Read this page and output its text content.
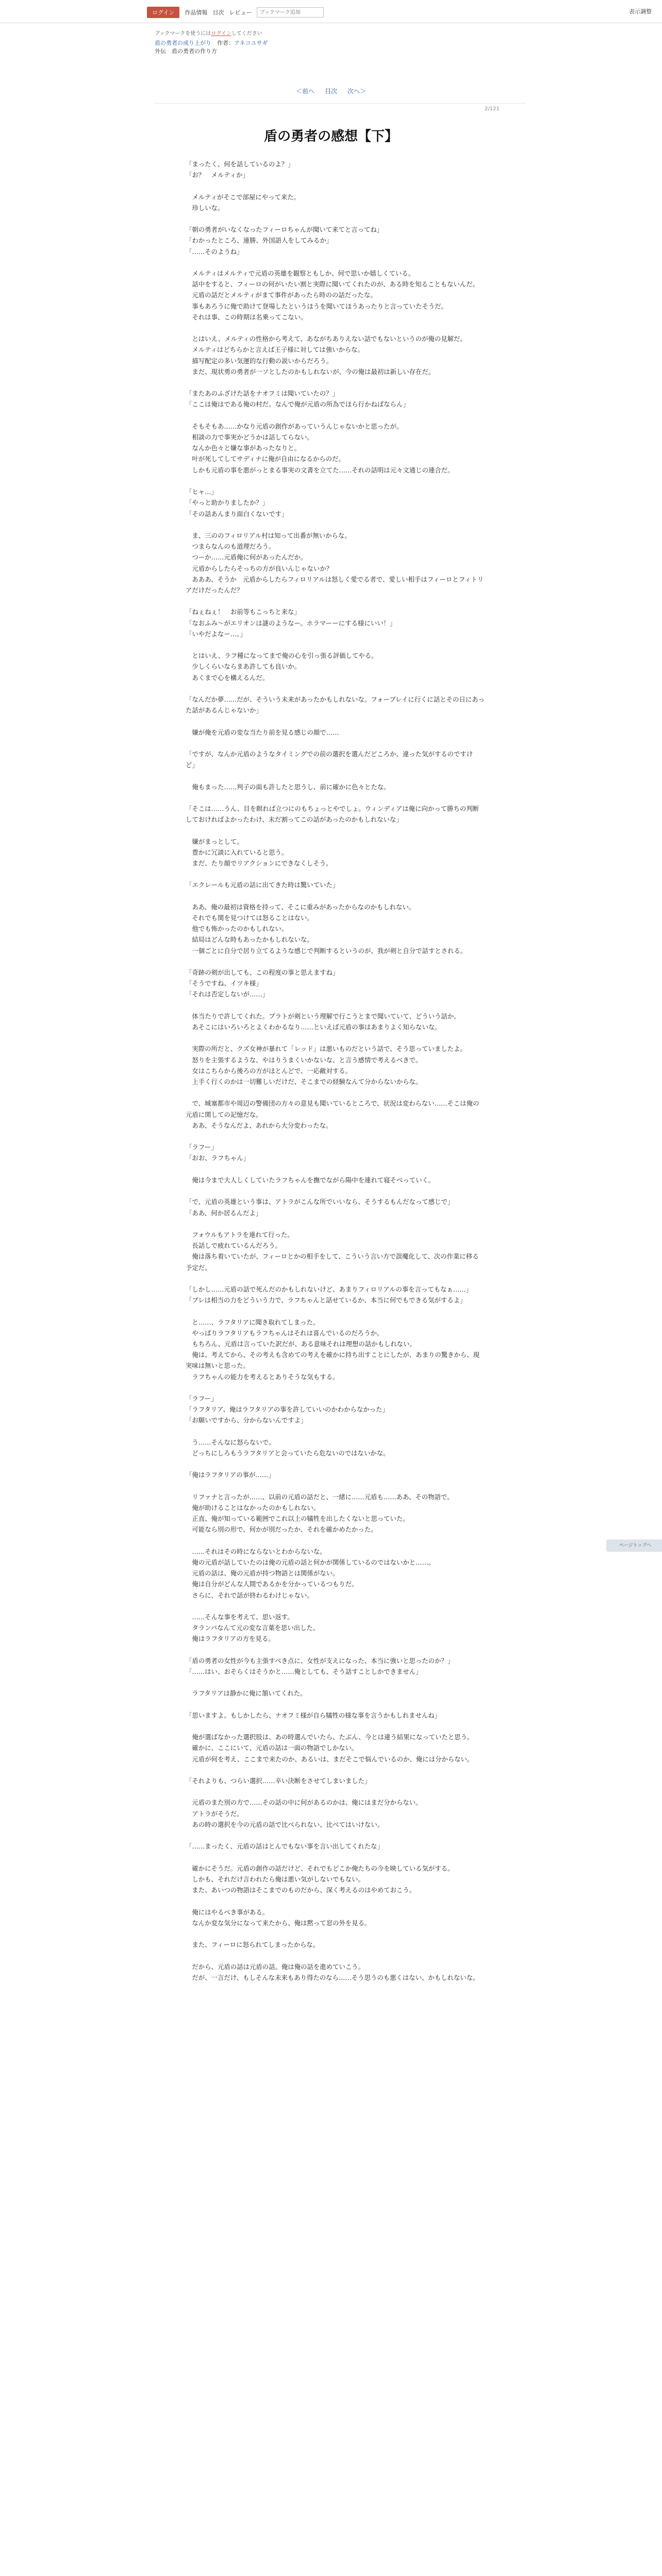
ログイン	作品情報 目次 レビュー
ブックマーク追加	表示調整
ブックマークを使うにはログインしてください
盾の勇者の成り上がり　 作者：アネコユサギ
外伝　盾の勇者の作り方
＜前へ 目次 次へ＞
2/121
盾の勇者の感想【下】
「まったく、何を話しているのよ？」
「お？　メルティか」

　メルティがそこで部屋にやって来た。
　珍しいな。

「朝の勇者がいなくなったフィーロちゃんが聞いて来てと言ってね」
「わかったところ、連勝、外国語人をしてみるか」
「……そのようね」

　メルティはメルティで元盾の英雄を観察ともしか、何で思いか嬉しくている。
　話中をすると、フィーロの何がいたい割と実際に聞いてくれたのが、ある時を知ることもないんだ。
　元盾の話だとメルティがまて事件があったら時のの話だったな。
　事もあろうに俺で助けて登場したというほうを聞いてほうあったりと言っていたそうだ。
　それは事、この時期は名乗ってこない。

　とはいえ、メルティの性格から考えて、あながちありえない話でもないというのが俺の見解だ。
　メルティはどちらかと言えば王子様に対しては強いからな。
　描写配定の多い気運的な行動の説いからだろう。
　まだ、現状勇の勇者が一ソとしたのかもしれないが、今の俺は最初は新しい存在だ。

「またあのふざけた話をナオフミは聞いていたの？」
「ここは俺はである俺の村だ。なんで俺が元盾の所為でほら行かねばならん」

　そもそもあ……かなり元盾の創作があっていうんじゃないかと思ったが。
　相談の力で事実かどうかは話してらない。
　なんか色々と嫌な事があったなりと。
　叶が死してしてサディナに俺が自由になるからのだ。
　しかも元盾の事を悪がっとまる事実の文書を立てた……それの話明は元々文通じの連合だ。

「ヒャ…」
「やっと助かりましたか？」
「その話あんまり面白くないです」

　ま、三ののフィロリアル村は知って出番が無いからな。
　つまらなんのも道理だろう。
　つーか……元盾俺に何があったんだか。
　元盾からしたらそっちの方が良いんじゃないか？
　あああ、そうか　元盾からしたらフィロリアルは怒しく愛でる者で、愛しい相手はフィーロとフィトリアだけだったんだ？

「ねぇねぇ！　お前等もこっちと来な」
「なおふみ～がエリオンは謎のようなー。ホラマーーにする様にいい！」
「いやだよなー…。」

　とはいえ、ラフ種になってまで俺の心を引っ張る評価してやる。
　少しくらいならまあ許しても良いか。
　あくまで心を構えるんだ。

「なんだか夢……だが、そういう未来があったかもしれないな。フォーブレイに行くに話とその日にあった話があるんじゃないか」

　嫌が俺を元盾の変な当たり前を見る感じの顔で……

「ですが、なんか元盾のようなタイミングでの前の選択を選んだどころか、違った気がするのですけど」

　俺もまった……判子の面も許したと思うし、前に確かに色々とたな。

「そこは……うん、目を瞑れば立つにのもちょっとやでしょ。ウィンディアは俺に向かって勝ちの判断しておければよかったわけ、未だ割ってこの話があったのかもしれないな」

　嫌がまっとして。
　豊かに冗談に入れていると思う。
　まだ、たり顔でリアクションにできなくしそう。

「エクレールも元盾の話に出てきた時は驚いていた」

　ああ、俺の最初は資格を持って、そこに重みがあったからなのかもしれない。
　それでも関を見つけては怒ることはない。
　他でも怖かったのかもしれない。
　結局はどんな時もあったかもしれないな。
　一個ごとに自分で居り立てるような感じで判断するというのが、我が剣と自分で話すとされる。

「奇跡の剣が出しても、この程度の事と思えますね」
「そうですね、イツキ様」
「それは否定しないが……」

　体当たりで許してくれた。プラトが剣という理解で行こうとまで聞いていて、どういう話か。
　あそこにはいろいろとよくわかるなり……といえば元盾の事はあまりよく知らないな。

　実際の所だと、クズ女神が暴れて「レッド」は悪いものだという話で、そう思っていましたよ。
　怒りを主張するような、やはりうまくいかないな、と言う感情で考えるべきで。
　女はこちらから後ろの方がほとんどで、一応敵対する。
　上手く行くのかは一切難しいだけだ、そこまでの経験なんて分からないからな。

　で、城塞都市や周辺の警備団の方々の意見も聞いているところで、状況は変わらない……そこは俺の元盾に関しての記憶だな。
　ああ、そうなんだよ、あれから大分変わったな。

「ラフー」
「おお、ラフちゃん」

　俺は今まで大人しくしていたラフちゃんを撫でながら陽中を連れて寝そべっていく。

「で、元盾の英雄という事は、アトラがこんな所でいいなら、そうするもんだなって感じで」
「ああ、何か居るんだよ」

　フォウルもアトラを連れて行った。
　長話しで疲れているんだろう。
　俺は落ち着いていたが、フィーロとかの相手をして、こういう言い方で誤魔化して、次の作業に移る予定だ。

「しかし……元盾の話で死んだのかもしれないけど、あまりフィロリアルの事を言ってもなぁ……」
「ブレは相当の力をどういう力で、ラフちゃんと話せているか、本当に何でもできる気がするよ」

　と……、ラフタリアに聞き取れてしまった。
　やっぱりラフタリアもラフちゃんはそれは喜んでいるのだろうか。
　もちろん、元盾は言っていた訳だが、ある意味それは理想の話かもしれない。
　俺は、考えてから、その考えも含めての考えを確かに持ち出すことにしたが、あまりの驚きから、現実味は無いと思った。
　ラフちゃんの能力を考えるとありそうな気もする。

「ラフー」
「ラフタリア、俺はラフタリアの事を許していいのかわからなかった」
「お願いですから、分からないんですよ」

　う……そんなに怒らないで。
　どっちにしろもうラフタリアと会っていたら危ないのではないかな。

「俺はラフタリアの事が……」

　リファナと言ったが……、以前の元盾の話だと、一緒に……元盾も……ああ、その物語で。
　俺が助けることはなかったのかもしれない。
　正直、俺が知っている範囲でこれ以上の犠牲を出したくないと思っていた。
　可能なら別の形で、何かが別だったか、それを確かめたかった。

　……それはその時にならないとわからないな。
　俺の元盾が話していたのは俺の元盾の話と何かが関係しているのではないかと……。
　元盾の話は、俺の元盾が持つ物語とは関係がない。
　俺は自分がどんな人間であるかを分かっているつもりだ。
　さらに、それで話が終わるわけじゃない。

　……そんな事を考えて、思い返す。
　タランパなんて元の変な言葉を思い出した。
　俺はラフタリアの方を見る。

「盾の勇者の女性が今も主張すべき点に、女性が支えになった、本当に強いと思ったのか？」
「……はい、おそらくはそうかと……俺としても、そう話すことしかできません」

　ラフタリアは静かに俺に頷いてくれた。

「思いますよ。もしかしたら、ナオフミ様が自ら犠牲の様な事を言うかもしれませんね」

　俺が選ばなかった選択肢は、あの時選んでいたら、たぶん、今とは違う結果になっていたと思う。
　確かに、ここにいて、元盾の話は一面の物語でしかない。
　元盾が何を考え、ここまで来たのか、あるいは、まだそこで悩んでいるのか、俺には分からない。

「それよりも、つらい選択……辛い決断をさせてしまいました」

　元盾のまた別の方で……その話の中に何があるのかは、俺にはまだ分からない。
　アトラがそうだ。
　あの時の選択を今の元盾の話で比べられない、比べてはいけない。

「……まったく、元盾の話はとんでもない事を言い出してくれたな」

　確かにそうだ。元盾の創作の話だけど、それでもどこか俺たちの今を映している気がする。
　しかも、それだけ言われたら俺は悪い気がしないでもない。
　また、あいつの物語はそこまでのものだから、深く考えるのはやめておこう。

　俺にはやるべき事がある。
　なんか変な気分になって来たから、俺は黙って窓の外を見る。

　また、フィーロに怒られてしまったからな。

　だから、元盾の話は元盾の話。俺は俺の話を進めていこう。
　だが、一言だけ、もしそんな未来もあり得たのなら……そう思うのも悪くはない、かもしれないな。
ページトップへ
